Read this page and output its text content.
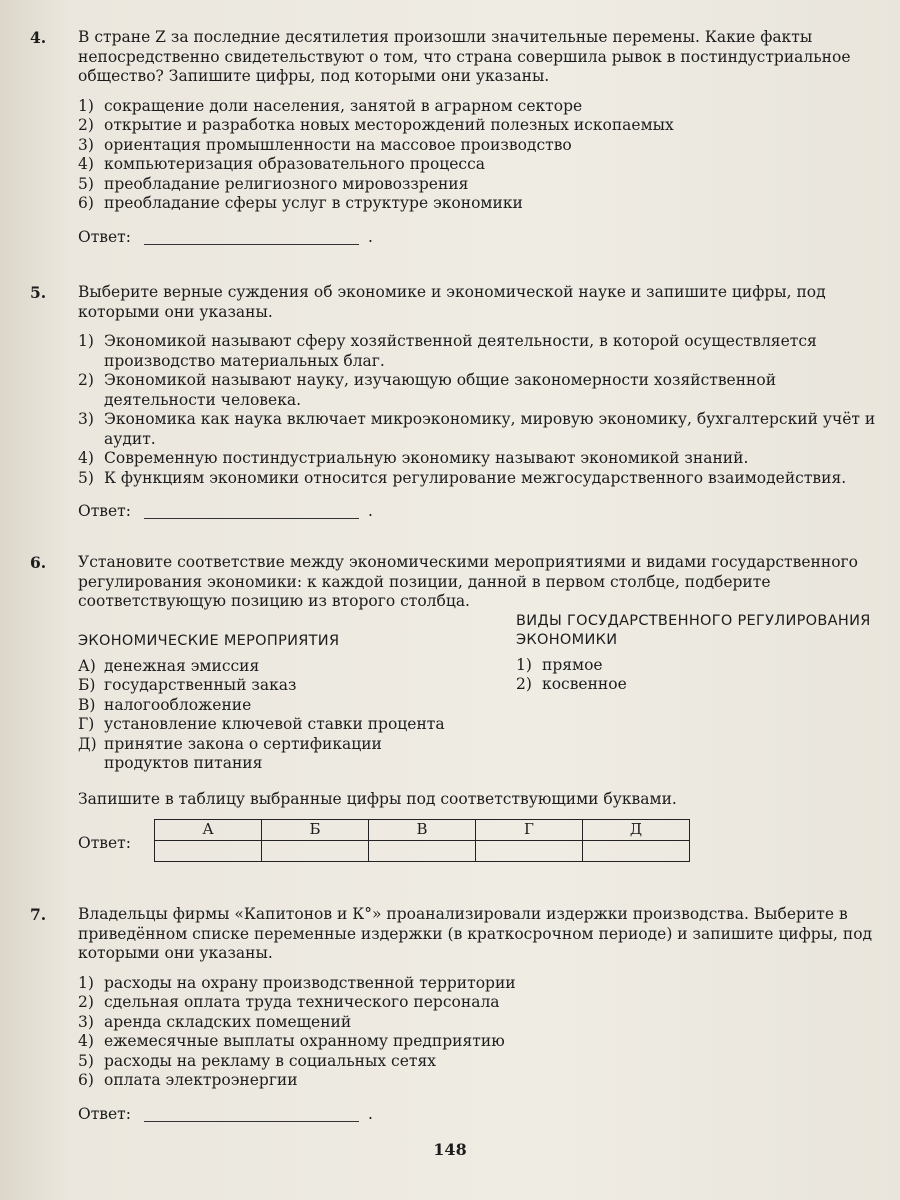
4. В стране Z за последние десятилетия произошли значительные перемены. Какие факты непосредственно свидетельствуют о том, что страна совершила рывок в постиндустриальное общество? Запишите цифры, под которыми они указаны.
1) сокращение доли населения, занятой в аграрном секторе
2) открытие и разработка новых месторождений полезных ископаемых
3) ориентация промышленности на массовое производство
4) компьютеризация образовательного процесса
5) преобладание религиозного мировоззрения
6) преобладание сферы услуг в структуре экономики
Ответ:	.
5. Выберите верные суждения об экономике и экономической науке и запишите цифры, под которыми они указаны.
1) Экономикой называют сферу хозяйственной деятельности, в которой осуществляется производство материальных благ.
2) Экономикой называют науку, изучающую общие закономерности хозяйственной деятельности человека.
3) Экономика как наука включает микроэкономику, мировую экономику, бухгалтерский учёт и аудит.
4) Современную постиндустриальную экономику называют экономикой знаний.
5) К функциям экономики относится регулирование межгосударственного взаимодействия.
Ответ:	.
6. Установите соответствие между экономическими мероприятиями и видами государственного регулирования экономики: к каждой позиции, данной в первом столбце, подберите соответствующую позицию из второго столбца.
ЭКОНОМИЧЕСКИЕ МЕРОПРИЯТИЯ
А) денежная эмиссия
Б) государственный заказ
В) налогообложение
Г) установление ключевой ставки процента
Д) принятие закона о сертификации продуктов питания
ВИДЫ ГОСУДАРСТВЕННОГО РЕГУЛИРОВАНИЯ ЭКОНОМИКИ
1) прямое
2) косвенное
Запишите в таблицу выбранные цифры под соответствующими буквами.
Ответ:
А	Б	В	Г	Д

7. Владельцы фирмы «Капитонов и К°» проанализировали издержки производства. Выберите в приведённом списке переменные издержки (в краткосрочном периоде) и запишите цифры, под которыми они указаны.
1) расходы на охрану производственной территории
2) сдельная оплата труда технического персонала
3) аренда складских помещений
4) ежемесячные выплаты охранному предприятию
5) расходы на рекламу в социальных сетях
6) оплата электроэнергии
Ответ:	.
148
